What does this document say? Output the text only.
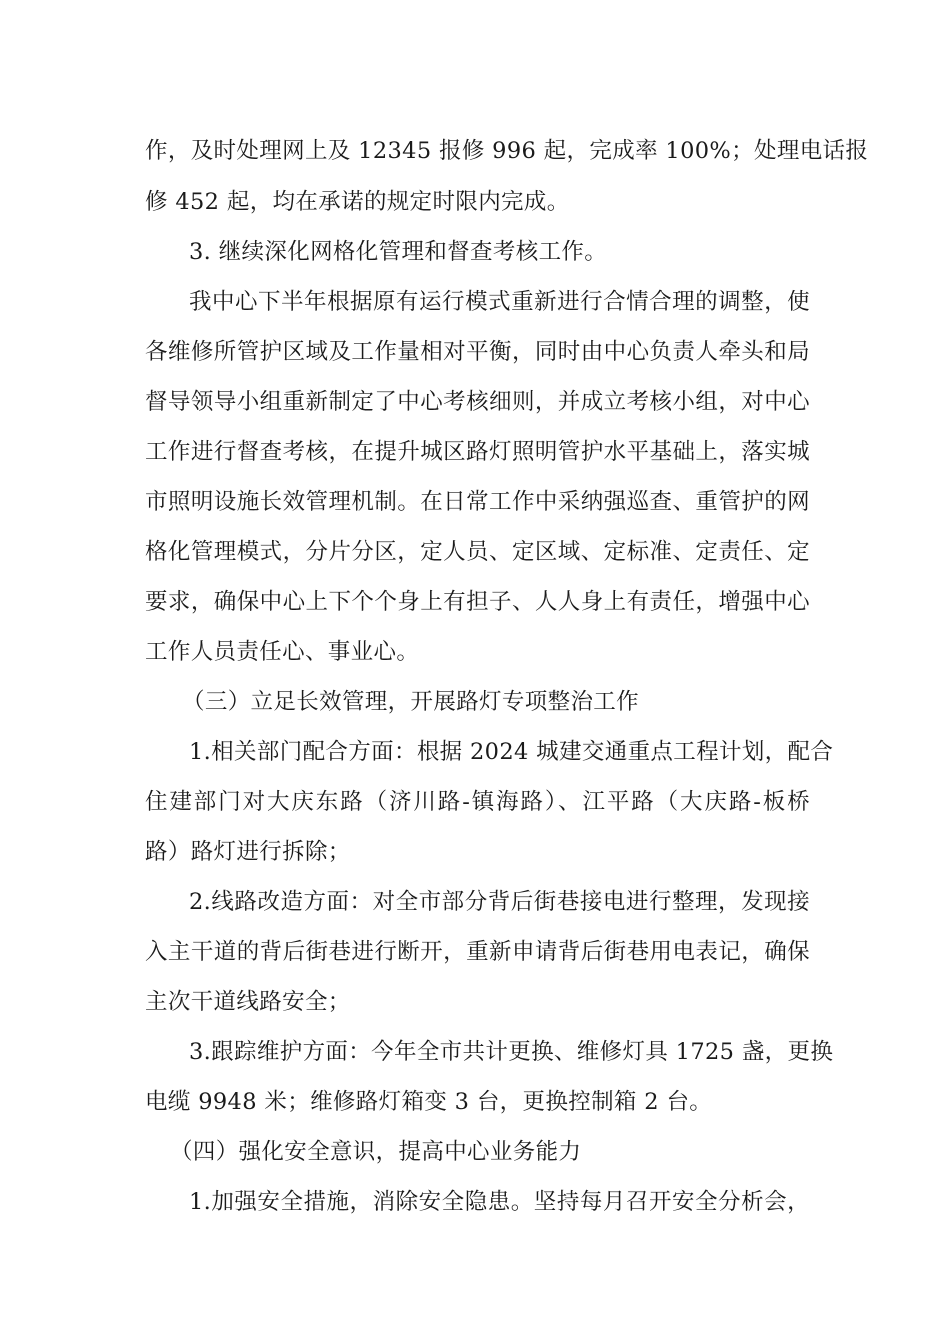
作，及时处理网上及 12345 报修 996 起，完成率 100%；处理电话报
修 452 起，均在承诺的规定时限内完成。
3. 继续深化网格化管理和督查考核工作。
我中心下半年根据原有运行模式重新进行合情合理的调整，使
各维修所管护区域及工作量相对平衡，同时由中心负责人牵头和局
督导领导小组重新制定了中心考核细则，并成立考核小组，对中心
工作进行督查考核，在提升城区路灯照明管护水平基础上，落实城
市照明设施长效管理机制。在日常工作中采纳强巡查、重管护的网
格化管理模式，分片分区，定人员、定区域、定标准、定责任、定
要求，确保中心上下个个身上有担子、人人身上有责任，增强中心
工作人员责任心、事业心。
（三）立足长效管理，开展路灯专项整治工作
1.相关部门配合方面：根据 2024 城建交通重点工程计划，配合
住建部门对大庆东路（济川路-镇海路）、江平路（大庆路-板桥
路）路灯进行拆除；
2.线路改造方面：对全市部分背后街巷接电进行整理，发现接
入主干道的背后街巷进行断开，重新申请背后街巷用电表记，确保
主次干道线路安全；
3.跟踪维护方面：今年全市共计更换、维修灯具 1725 盏，更换
电缆 9948 米；维修路灯箱变 3 台，更换控制箱 2 台。
（四）强化安全意识，提高中心业务能力
1.加强安全措施，消除安全隐患。坚持每月召开安全分析会，
